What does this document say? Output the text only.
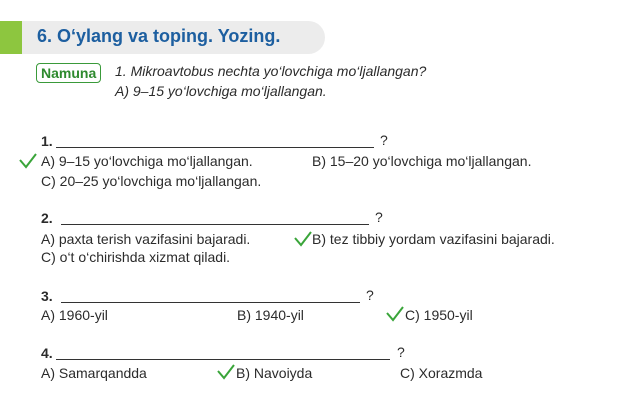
6. O‘ylang va toping. Yozing.
Namuna	1. Mikroavtobus nechta yo‘lovchiga mo‘ljallangan?
A) 9–15 yo‘lovchiga mo‘ljallangan.
1.	?
A) 9–15 yo‘lovchiga mo‘ljallangan.	B) 15–20 yo‘lovchiga mo‘ljallangan.
C) 20–25 yo‘lovchiga mo‘ljallangan.
2.	?
A) paxta terish vazifasini bajaradi.	B) tez tibbiy yordam vazifasini bajaradi.
C) o‘t o‘chirishda xizmat qiladi.
3.	?
A) 1960-yil	B) 1940-yil	C) 1950-yil
4.	?
A) Samarqandda	B) Navoiyda	C) Xorazmda
